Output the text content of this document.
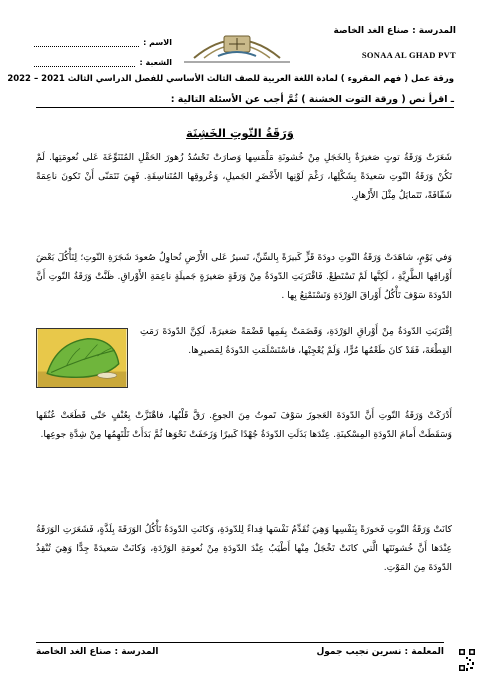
المدرسة : صناع الغد الخاصة
SONAA AL GHAD PVT
الاسم :
الشعبة :
ورقة عمل ( فهم المقروء ) لمادة اللغة العربية للصف الثالث الأساسي للفصل الدراسي الثالث 2021 – 2022
ـ اقرأ نص ( ورقة التوت الخشنة ) ثُمَّ أجب عن الأسئلة التالية :
وَرَقَةُ التّوتِ الخَشِنَة
شَعَرَتْ وَرَقَةُ توتٍ صَغيرَةٌ بِالخَجَلِ مِنْ خُشونَةِ مَلْمَسِها وَصارَتْ تَحْسُدُ زُهورَ الحَقْلِ المُتَنَوِّعَةَ عَلى نُعومَتِها. لَمْ تَكُنْ وَرَقَةُ التّوتِ سَعيدَةً بِشَكْلِها، رَغْمَ لَوْنِها الأَخْضَرِ الجَميلِ، وَعُروقِها المُتَناسِقَةِ. فَهِيَ تَتَمَنّى أَنْ تَكونَ ناعِمَةً شَفّافَةً، تَتَمايَلُ مِثْلَ الأَزْهارِ.
وَفي يَوْمٍ، شاهَدَتْ وَرَقَةُ التّوتِ دودَةَ قَزٍّ كَبيرَةً بِالسِّنِّ، تَسيرُ عَلى الأَرْضِ تُحاوِلُ صُعودَ شَجَرَةِ التّوتِ؛ لِتَأْكُلَ بَعْضَ أَوْراقِها الطَّرِيَّةِ ، لَكِنَّها لَمْ تَسْتَطِعْ. فَاقْتَرَبَتِ الدّودَةُ مِنْ وَرَقَةٍ صَغيرَةٍ جَميلَةٍ ناعِمَةِ الأَوْراقِ. ظَنَّتْ وَرَقَةُ التّوتِ أَنَّ الدّودَةَ سَوْفَ تَأْكُلُ أَوْراقَ الوَرْدَةِ وَتَسْتَمْتِعُ بِها .
اِقْتَرَبَتِ الدّودَةُ مِنْ أَوْراقِ الوَرْدَةِ، وَقَضَمَتْ بِفَمِها قَضْمَةً صَغيرَةً، لَكِنَّ الدّودَةَ رَمَتِ القِطْعَةَ، فَقَدْ كانَ طَعْمُها مُرًّا، وَلَمْ يُعْجِبْها، فاسْتَسْلَمَتِ الدّودَةُ لِمَصيرِها.
أَدْرَكَتْ وَرَقَةُ التّوتِ أَنَّ الدّودَةَ العَجوزَ سَوْفَ تَموتُ مِنَ الجوعِ. رَقَّ قَلْبُها، فاهْتَزَّتْ بِعُنْفٍ حَتّى قَطَعَتْ عُنُقَها وَسَقَطَتْ أَمامَ الدّودَةِ المِسْكينَةِ. عِنْدَها بَذَلَتِ الدّودَةُ جُهْدًا كَبيرًا وَزَحَفَتْ نَحْوَها ثُمَّ بَدَأَتْ تَلْتَهِمُها مِنْ شِدَّةِ جوعِها.
كانَتْ وَرَقَةُ التّوتِ فَخورَةً بِنَفْسِها وَهِيَ تُقَدِّمُ نَفْسَها فِداءً لِلدّودَةِ، وَكانَتِ الدّودَةُ تَأْكُلُ الوَرَقَةَ بِلَذَّةٍ، فَشَعَرَتِ الوَرَقَةُ عِنْدَها أَنَّ خُشونَتَها الَّتي كانَتْ تَخْجَلُ مِنْها أَطْيَبُ عِنْدَ الدّودَةِ مِنْ نُعومَةِ الوَرْدَةِ، وَكانَتْ سَعيدَةً جِدًّا وَهِيَ تُنْقِذُ الدّودَةَ مِنَ المَوْتِ.
المعلمة : نسرين نجيب جمول
المدرسة : صناع الغد الخاصة
